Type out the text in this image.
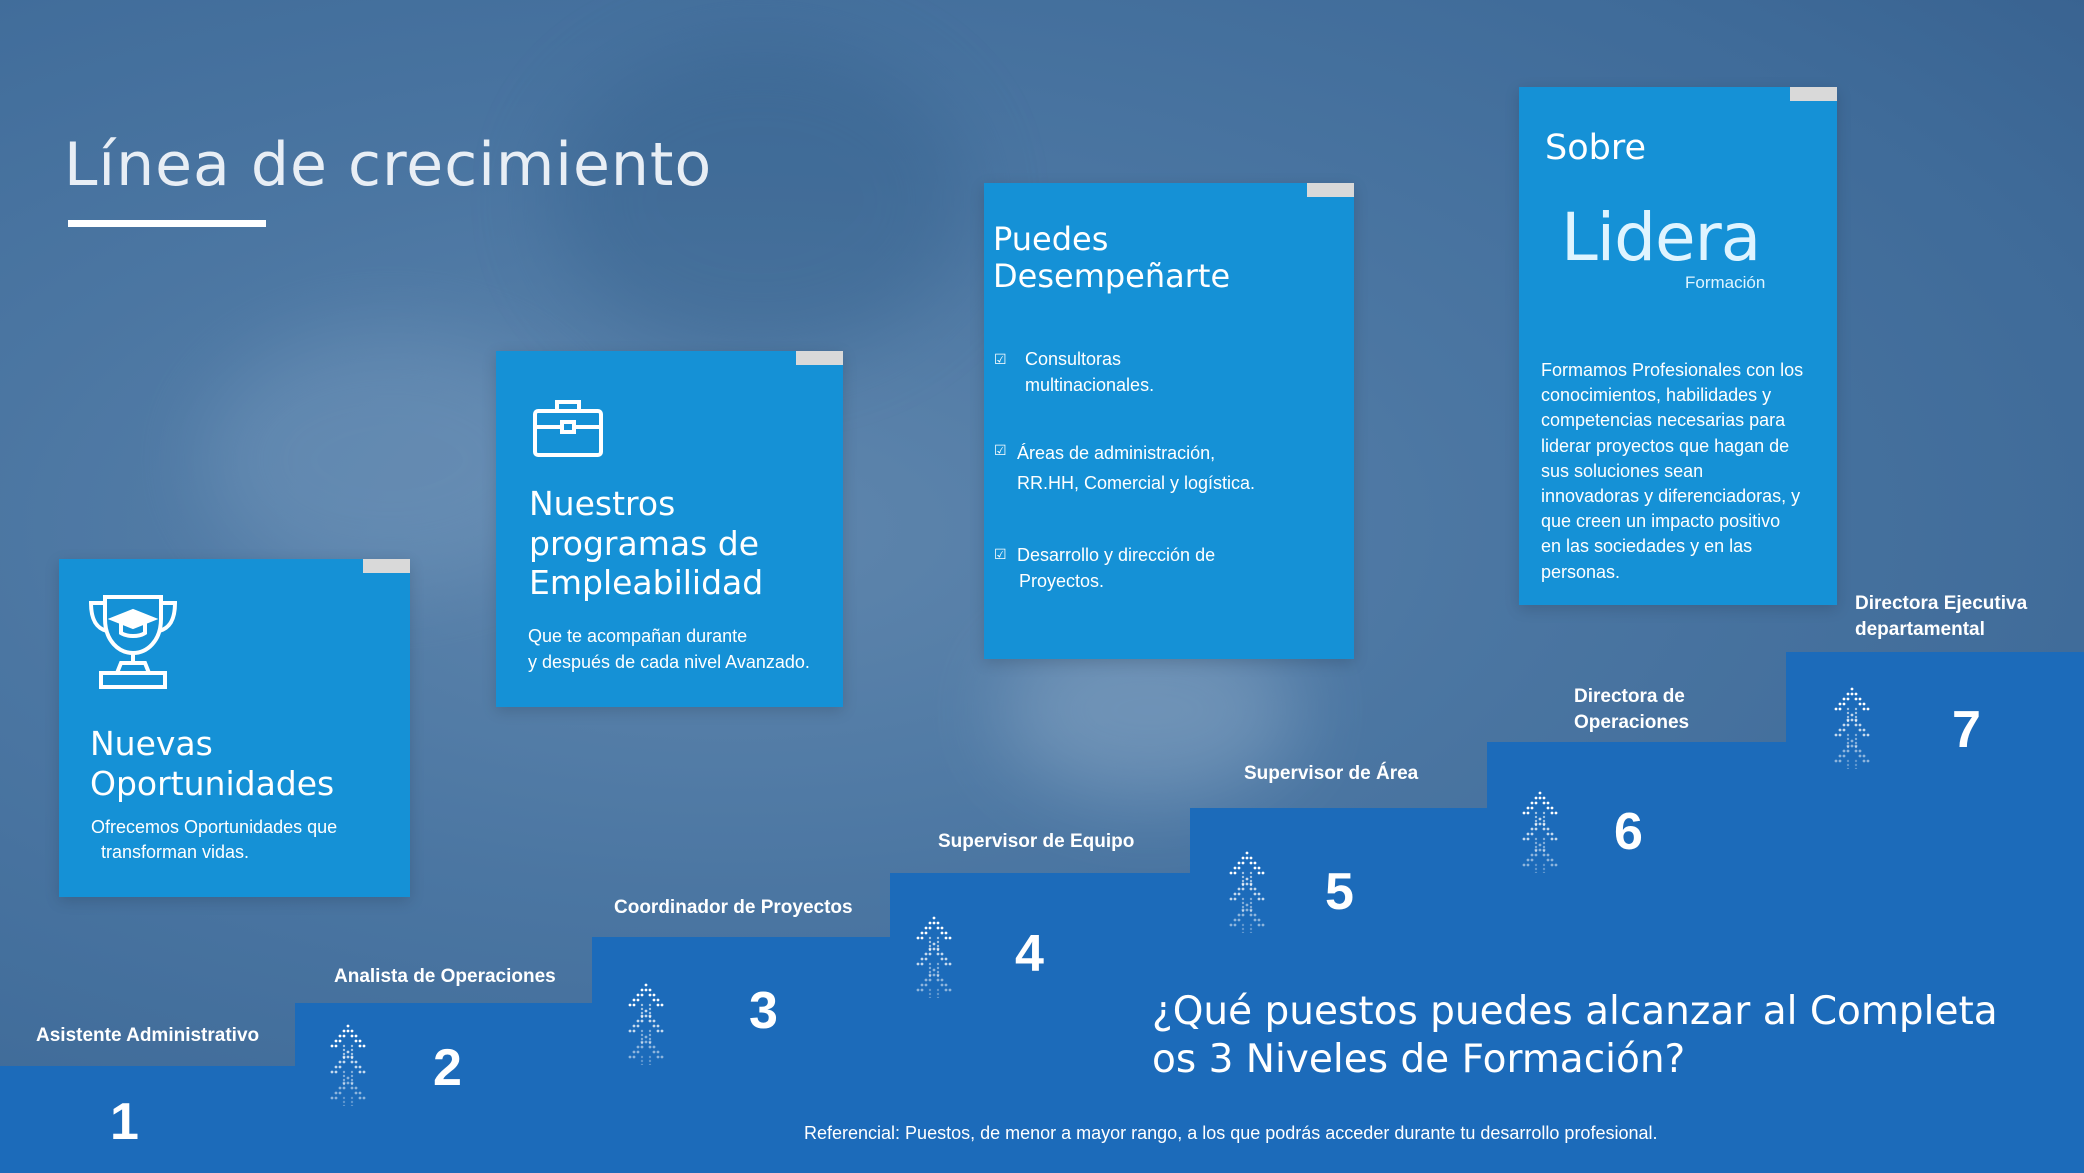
Línea de crecimiento
Nuevas
Oportunidades
Ofrecemos Oportunidades que
transforman vidas.
Nuestros
programas de
Empleabilidad
Que te acompañan durante
y después de cada nivel Avanzado.
Puedes
Desempeñarte
☑ Consultoras
multinacionales.
☑ Áreas de administración,
RR.HH, Comercial y logística.
☑ Desarrollo y dirección de
Proyectos.
Sobre
Lidera
Formación
Formamos Profesionales con los
conocimientos, habilidades y
competencias necesarias para
liderar proyectos que hagan de
sus soluciones sean
innovadoras y diferenciadoras, y
que creen un impacto positivo
en las sociedades y en las
personas.
Asistente Administrativo
Analista de Operaciones
Coordinador de Proyectos
Supervisor de Equipo
Supervisor de Área
Directora de
Operaciones
Directora Ejecutiva
departamental
1
2
3
4
5
6
7
¿Qué puestos puedes alcanzar al Completa
os 3 Niveles de Formación?
Referencial: Puestos, de menor a mayor rango, a los que podrás acceder durante tu desarrollo profesional.
